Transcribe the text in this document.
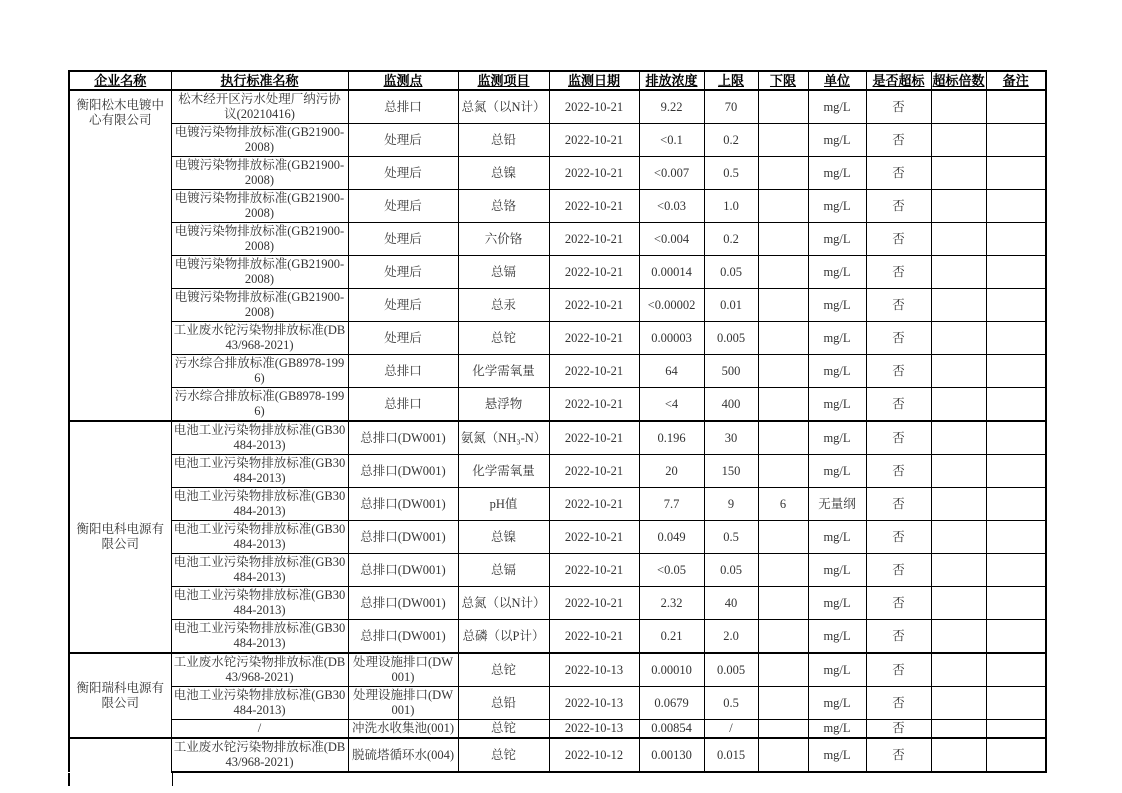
企业名称	执行标准名称	监测点	监测项目	监测日期	排放浓度	上限	下限	单位	是否超标	超标倍数	备注
衡阳松木电镀中心有限公司	松木经开区污水处理厂纳污协议(20210416)	总排口	总氮（以N计）	2022-10-21	9.22	70		mg/L	否		
	电镀污染物排放标准(GB21900-2008)	处理后	总铅	2022-10-21	<0.1	0.2		mg/L	否		
	电镀污染物排放标准(GB21900-2008)	处理后	总镍	2022-10-21	<0.007	0.5		mg/L	否		
	电镀污染物排放标准(GB21900-2008)	处理后	总铬	2022-10-21	<0.03	1.0		mg/L	否		
	电镀污染物排放标准(GB21900-2008)	处理后	六价铬	2022-10-21	<0.004	0.2		mg/L	否		
	电镀污染物排放标准(GB21900-2008)	处理后	总镉	2022-10-21	0.00014	0.05		mg/L	否		
	电镀污染物排放标准(GB21900-2008)	处理后	总汞	2022-10-21	<0.00002	0.01		mg/L	否		
	工业废水铊污染物排放标准(DB43/968-2021)	处理后	总铊	2022-10-21	0.00003	0.005		mg/L	否		
	污水综合排放标准(GB8978-1996)	总排口	化学需氧量	2022-10-21	64	500		mg/L	否		
	污水综合排放标准(GB8978-1996)	总排口	悬浮物	2022-10-21	<4	400		mg/L	否		
衡阳电科电源有限公司	电池工业污染物排放标准(GB30484-2013)	总排口(DW001)	氨氮（NH₃-N）	2022-10-21	0.196	30		mg/L	否		
	电池工业污染物排放标准(GB30484-2013)	总排口(DW001)	化学需氧量	2022-10-21	20	150		mg/L	否		
	电池工业污染物排放标准(GB30484-2013)	总排口(DW001)	pH值	2022-10-21	7.7	9	6	无量纲	否		
	电池工业污染物排放标准(GB30484-2013)	总排口(DW001)	总镍	2022-10-21	0.049	0.5		mg/L	否		
	电池工业污染物排放标准(GB30484-2013)	总排口(DW001)	总镉	2022-10-21	<0.05	0.05		mg/L	否		
	电池工业污染物排放标准(GB30484-2013)	总排口(DW001)	总氮（以N计）	2022-10-21	2.32	40		mg/L	否		
	电池工业污染物排放标准(GB30484-2013)	总排口(DW001)	总磷（以P计）	2022-10-21	0.21	2.0		mg/L	否		
衡阳瑞科电源有限公司	工业废水铊污染物排放标准(DB43/968-2021)	处理设施排口(DW001)	总铊	2022-10-13	0.00010	0.005		mg/L	否		
	电池工业污染物排放标准(GB30484-2013)	处理设施排口(DW001)	总铅	2022-10-13	0.0679	0.5		mg/L	否		
	/	冲洗水收集池(001)	总铊	2022-10-13	0.00854	/		mg/L	否		
	工业废水铊污染物排放标准(DB43/968-2021)	脱硫塔循环水(004)	总铊	2022-10-12	0.00130	0.015		mg/L	否		
